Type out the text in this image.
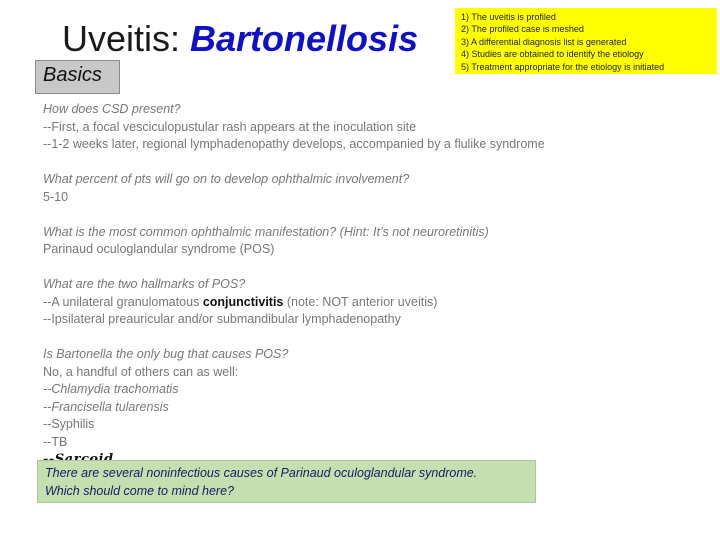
Uveitis: Bartonellosis
1) The uveitis is profiled
2) The profiled case is meshed
3) A differential diagnosis list is generated
4) Studies are obtained to identify the etiology
5) Treatment appropriate for the etiology is initiated
Basics
How does CSD present?
--First, a focal vesciculopustular rash appears at the inoculation site
--1-2 weeks later, regional lymphadenopathy develops, accompanied by a flulike syndrome
What percent of pts will go on to develop ophthalmic involvement?
5-10
What is the most common ophthalmic manifestation? (Hint: It’s not neuroretinitis)
Parinaud oculoglandular syndrome (POS)
What are the two hallmarks of POS?
--A unilateral granulomatous conjunctivitis (note: NOT anterior uveitis)
--Ipsilateral preauricular and/or submandibular lymphadenopathy
Is Bartonella the only bug that causes POS?
No, a handful of others can as well:
--Chlamydia trachomatis
--Francisella tularensis
--Syphilis
--TB
There are several noninfectious causes of Parinaud oculoglandular syndrome.
Which should come to mind here?
